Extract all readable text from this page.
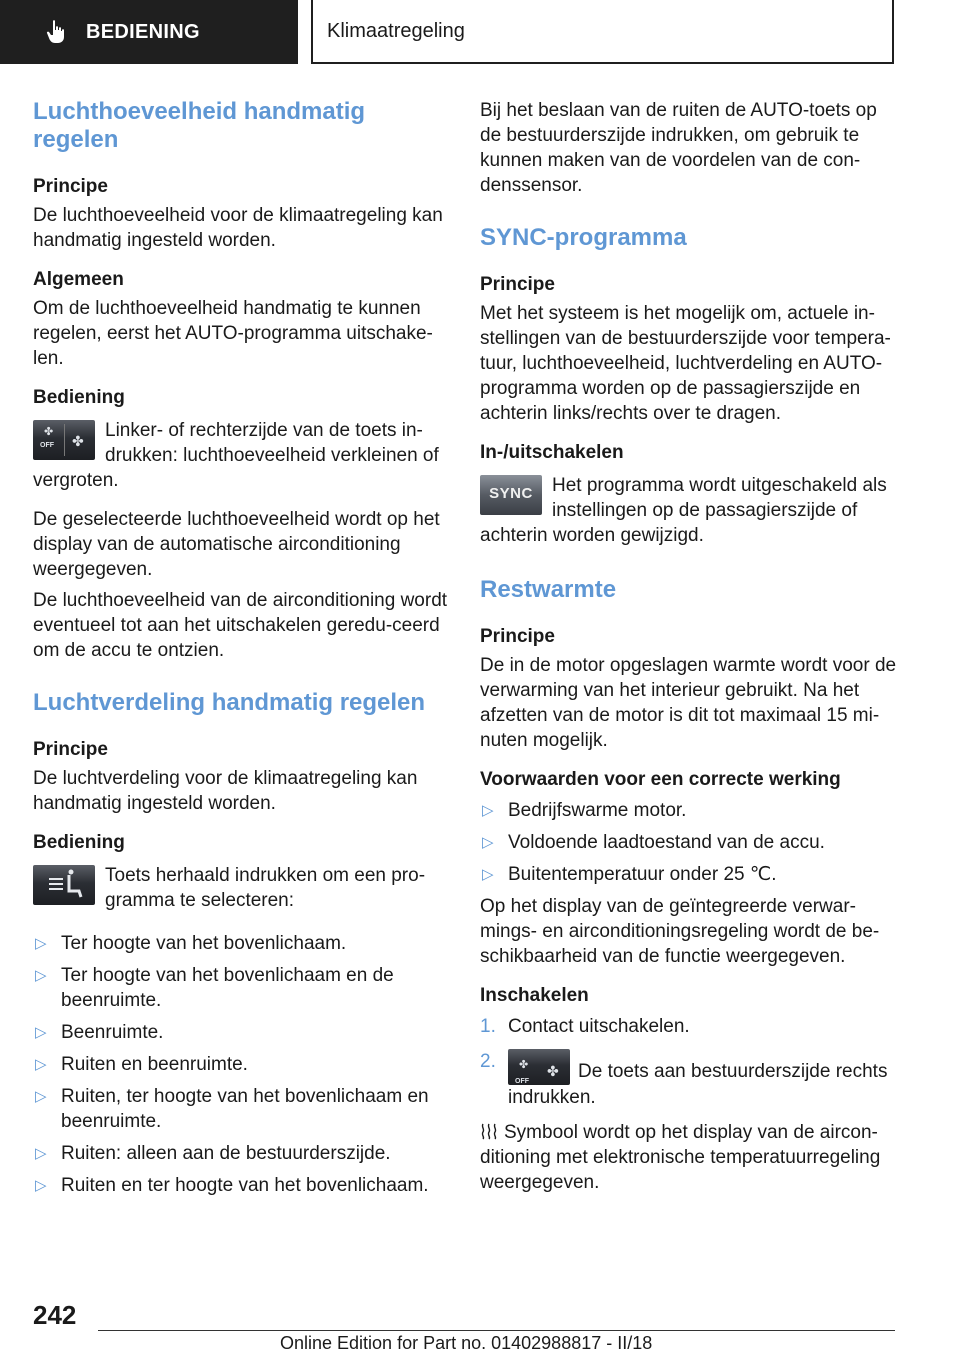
BEDIENING	Klimaatregeling
Luchthoeveelheid handmatig regelen
Principe

De luchthoeveelheid voor de klimaatregeling kan handmatig ingesteld worden.

Algemeen

Om de luchthoeveelheid handmatig te kunnen regelen, eerst het AUTO-programma uitschake-len.

Bediening
✤
OFF ✤	Linker- of rechterzijde van de toets in-drukken: luchthoeveelheid verkleinen of vergroten.

De geselecteerde luchthoeveelheid wordt op het display van de automatische airconditioning weergegeven.

De luchthoeveelheid van de airconditioning wordt eventueel tot aan het uitschakelen geredu-ceerd om de accu te ontzien.

Luchtverdeling handmatig regelen
Principe

De luchtverdeling voor de klimaatregeling kan handmatig ingesteld worden.

Bediening

Toets herhaald indrukken om een pro-gramma te selecteren:

▷ Ter hoogte van het bovenlichaam.
▷ Ter hoogte van het bovenlichaam en de beenruimte.
▷ Beenruimte.
▷ Ruiten en beenruimte.
▷ Ruiten, ter hoogte van het bovenlichaam en beenruimte.
▷ Ruiten: alleen aan de bestuurderszijde.
▷ Ruiten en ter hoogte van het bovenlichaam.

Bij het beslaan van de ruiten de AUTO-toets op de bestuurderszijde indrukken, om gebruik te kunnen maken van de voordelen van de con-denssensor.

SYNC-programma
Principe

Met het systeem is het mogelijk om, actuele in-stellingen van de bestuurderszijde voor tempera-tuur, luchthoeveelheid, luchtverdeling en AUTO-programma worden op de passagierszijde en achterin links/rechts over te dragen.

In-/uitschakelen
SYNC	Het programma wordt uitgeschakeld als instellingen op de passagierszijde of achterin worden gewijzigd.

Restwarmte
Principe

De in de motor opgeslagen warmte wordt voor de verwarming van het interieur gebruikt. Na het afzetten van de motor is dit tot maximaal 15 mi-nuten mogelijk.

Voorwaarden voor een correcte werking
▷ Bedrijfswarme motor.
▷ Voldoende laadtoestand van de accu.
▷ Buitentemperatuur onder 25 ℃.

Op het display van de geïntegreerde verwar-mings- en airconditioningsregeling wordt de be-schikbaarheid van de functie weergegeven.

Inschakelen
1. Contact uitschakelen.
2. ✤
OFF
✤ De toets aan bestuurderszijde rechts indrukken.

Symbool wordt op het display van de aircon-ditioning met elektronische temperatuurregeling weergegeven.

242
Online Edition for Part no. 01402988817 - II/18
